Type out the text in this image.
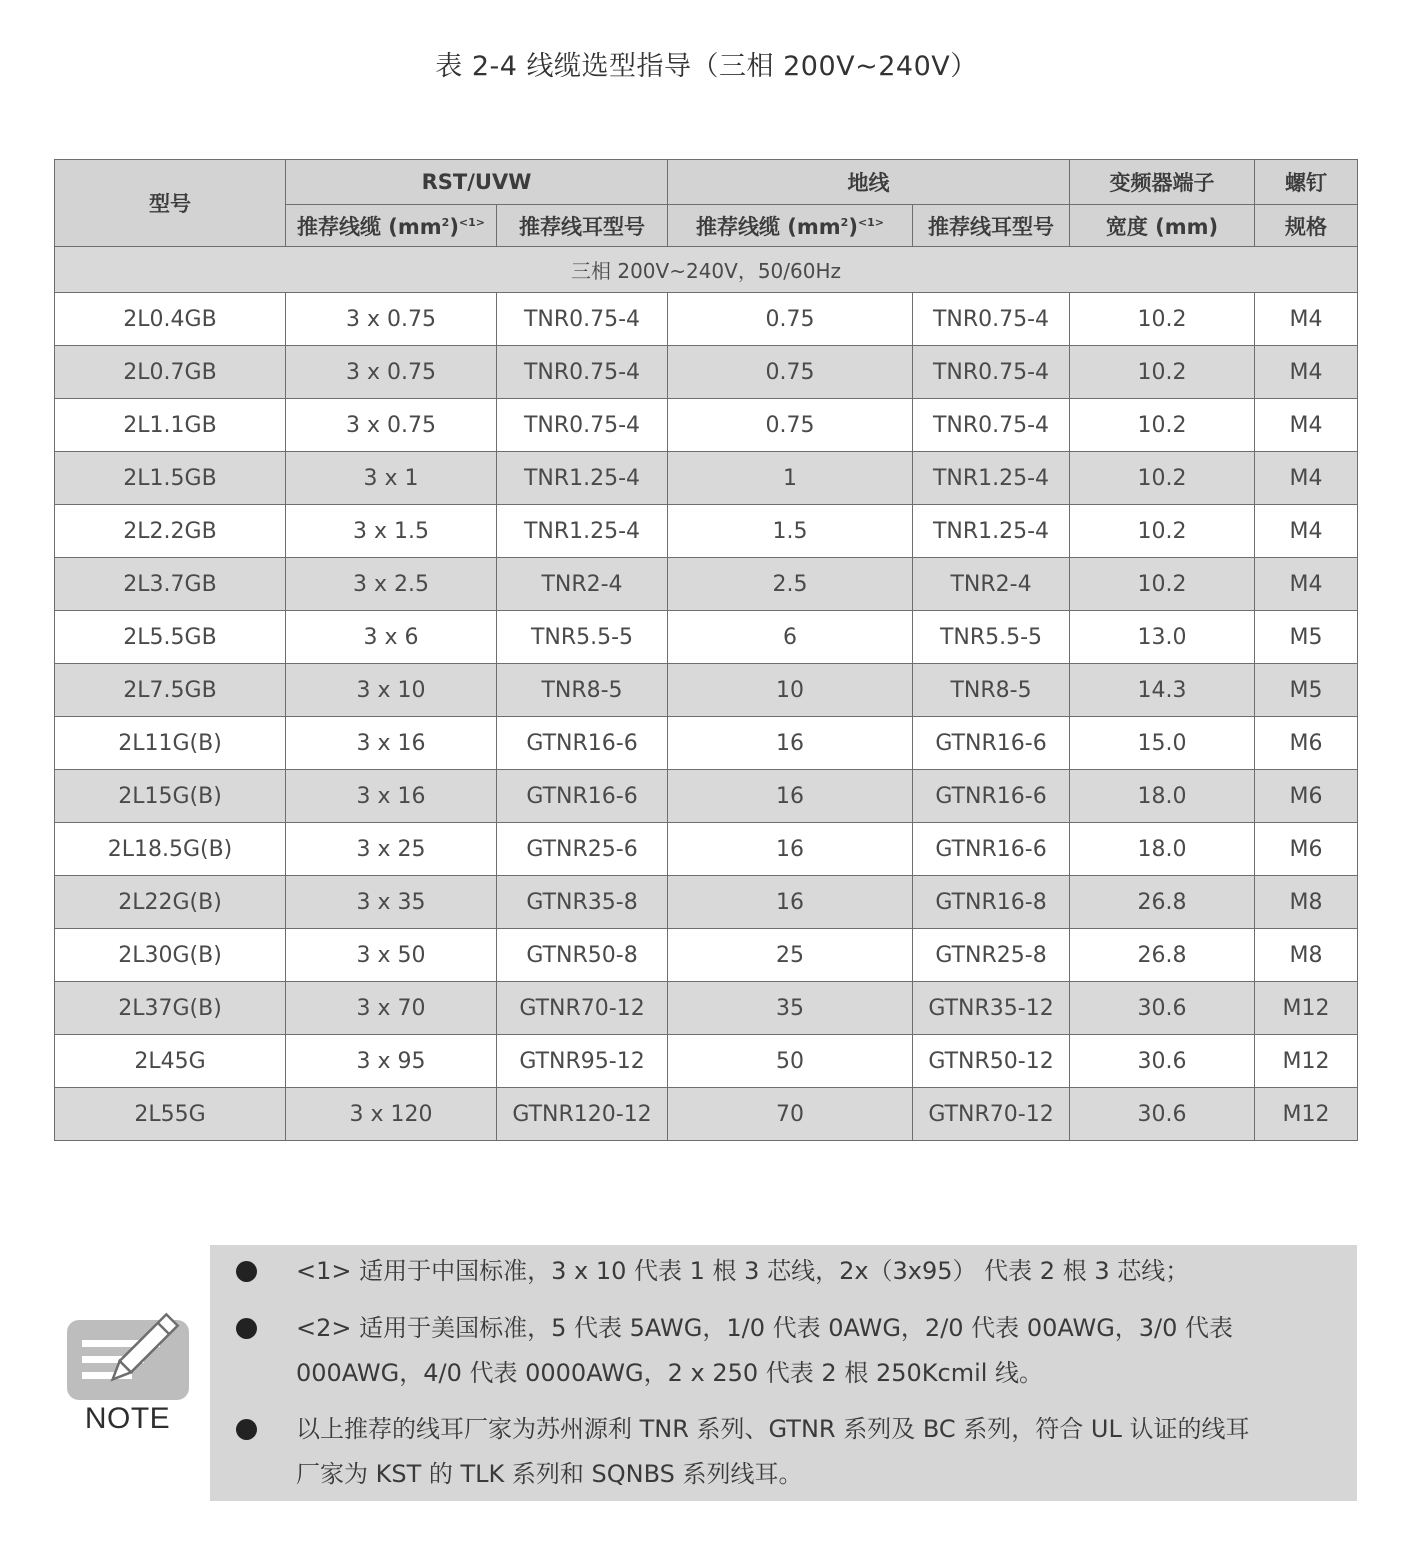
表 2-4 线缆选型指导（三相 200V~240V）
型号	RST/UVW		地线		变频器端子	螺钉
	推荐线缆 $(mm^2)^{<1>}$	推荐线耳型号	推荐线缆 $(mm^2)^{<1>}$	推荐线耳型号	宽度 (mm)	规格
三相 200V~240V，50/60Hz						
2L0.4GB	3 x 0.75	TNR0.75-4	0.75	TNR0.75-4	10.2	M4
2L0.7GB	3 x 0.75	TNR0.75-4	0.75	TNR0.75-4	10.2	M4
2L1.1GB	3 x 0.75	TNR0.75-4	0.75	TNR0.75-4	10.2	M4
2L1.5GB	3 x 1	TNR1.25-4	1	TNR1.25-4	10.2	M4
2L2.2GB	3 x 1.5	TNR1.25-4	1.5	TNR1.25-4	10.2	M4
2L3.7GB	3 x 2.5	TNR2-4	2.5	TNR2-4	10.2	M4
2L5.5GB	3 x 6	TNR5.5-5	6	TNR5.5-5	13.0	M5
2L7.5GB	3 x 10	TNR8-5	10	TNR8-5	14.3	M5
2L11G(B)	3 x 16	GTNR16-6	16	GTNR16-6	15.0	M6
2L15G(B)	3 x 16	GTNR16-6	16	GTNR16-6	18.0	M6
2L18.5G(B)	3 x 25	GTNR25-6	16	GTNR16-6	18.0	M6
2L22G(B)	3 x 35	GTNR35-8	16	GTNR16-8	26.8	M8
2L30G(B)	3 x 50	GTNR50-8	25	GTNR25-8	26.8	M8
2L37G(B)	3 x 70	GTNR70-12	35	GTNR35-12	30.6	M12
2L45G	3 x 95	GTNR95-12	50	GTNR50-12	30.6	M12
2L55G	3 x 120	GTNR120-12	70	GTNR70-12	30.6	M12
<1> 适用于中国标准，3 x 10 代表 1 根 3 芯线，2x（3x95） 代表 2 根 3 芯线；
<2> 适用于美国标准，5 代表 5AWG，1/0 代表 0AWG，2/0 代表 00AWG，3/0 代表
000AWG，4/0 代表 0000AWG，2 x 250 代表 2 根 250Kcmil 线。
以上推荐的线耳厂家为苏州源利 TNR 系列、GTNR 系列及 BC 系列，符合 UL 认证的线耳
厂家为 KST 的 TLK 系列和 SQNBS 系列线耳。
NOTE
